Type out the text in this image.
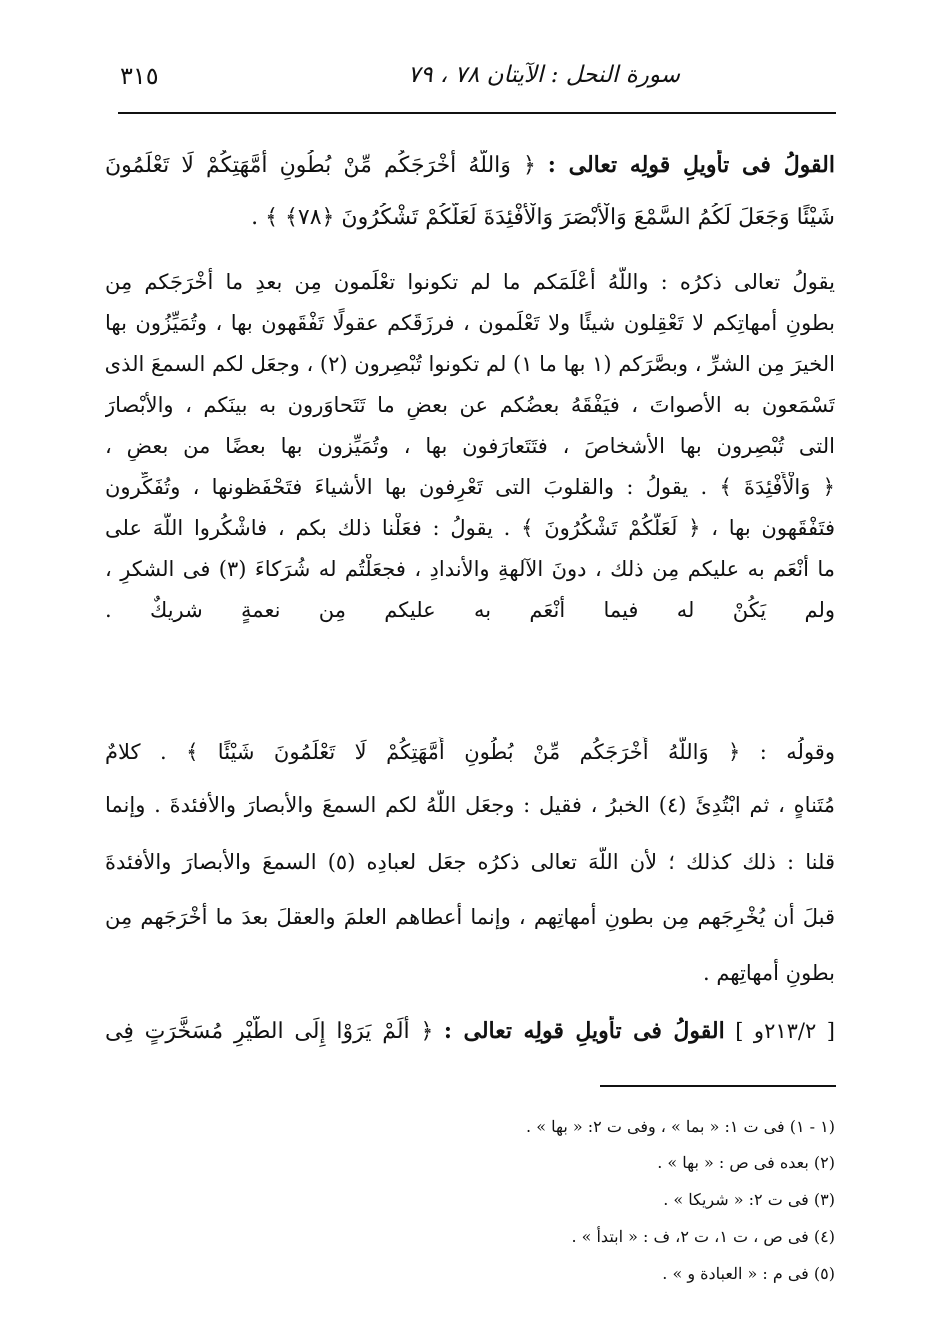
سورة النحل : الآيتان ٧٨ ، ٧٩
٣١٥
القولُ فى تأويلِ قولِه تعالى : ﴿ وَاللَّهُ أَخْرَجَكُم مِّنْ بُطُونِ أُمَّهَتِكُمْ لَا تَعْلَمُونَ
شَيْئًا وَجَعَلَ لَكُمُ السَّمْعَ وَالْأَبْصَرَ وَالْأَفْئِدَةَ لَعَلَّكُمْ تَشْكُرُونَ ﴿٧٨﴾ ﴾ .
يقولُ تعالى ذكرُه : واللَّهُ أعْلَمَكم ما لم تكونوا تعْلَمون مِن بعدِ ما أخْرَجَكم مِن
بطونِ أمهاتِكم لا تَعْقِلون شيئًا ولا تَعْلَمون ، فرزَقَكم عقولًا تَفْقَهون بها ، وتُمَيِّزُون بها
الخيرَ مِن الشرِّ ، وبصَّرَكم (١ بها ما ١) لم تكونوا تُبْصِرون (٢) ، وجعَل لكم السمعَ الذى
تَسْمَعون به الأصواتَ ، فيَفْقَهُ بعضُكم عن بعضٍ ما تَتَحاوَرون به بينَكم ، والأبْصارَ
التى تُبْصِرون بها الأشخاصَ ، فتَتَعارَفون بها ، وتُمَيِّزون بها بعضًا من بعضٍ ،
﴿ وَالْأَفْئِدَةَ ﴾ . يقولُ : والقلوبَ التى تَعْرِفون بها الأشياءَ فتَحْفَظونها ، وتُفَكِّرون
فتَفْقَهون بها ، ﴿ لَعَلَّكُمْ تَشْكُرُونَ ﴾ . يقولُ : فعَلْنا ذلك بكم ، فاشْكُروا اللَّهَ على
ما أنْعَم به عليكم مِن ذلك ، دونَ الآلهةِ والأندادِ ، فجعَلْتُم له شُرَكاءَ (٣) فى الشكرِ ،
ولم يَكُنْ له فيما أنْعَم به عليكم مِن نعمةٍ شريكٌ .
وقولُه : ﴿ وَاللَّهُ أَخْرَجَكُم مِّنْ بُطُونِ أُمَّهَتِكُمْ لَا تَعْلَمُونَ شَيْئًا ﴾ . كلامٌ
مُتَناهٍ ، ثم ابْتُدِئَ (٤) الخبرُ ، فقيل : وجعَل اللَّهُ لكم السمعَ والأبصارَ والأفئدةَ . وإنما
قلنا : ذلك كذلك ؛ لأن اللَّهَ تعالى ذكرُه جعَل لعبادِه (٥) السمعَ والأبصارَ والأفئدةَ
قبلَ أن يُخْرِجَهم مِن بطونِ أمهاتِهم ، وإنما أعطاهم العلمَ والعقلَ بعدَ ما أخْرَجَهم مِن
بطونِ أمهاتِهم .
[ ٢١٣/٢و ] القولُ فى تأويلِ قولِه تعالى : ﴿ أَلَمْ يَرَوْا إِلَى الطَّيْرِ مُسَخَّرَتٍ فِى
(١ - ١) فى ت ١: « بما » ، وفى ت ٢: « بها » .
(٢) بعده فى ص : « بها » .
(٣) فى ت ٢: « شريكا » .
(٤) فى ص ، ت ١، ت ٢، ف : « ابتدأ » .
(٥) فى م : « العبادة و » .
